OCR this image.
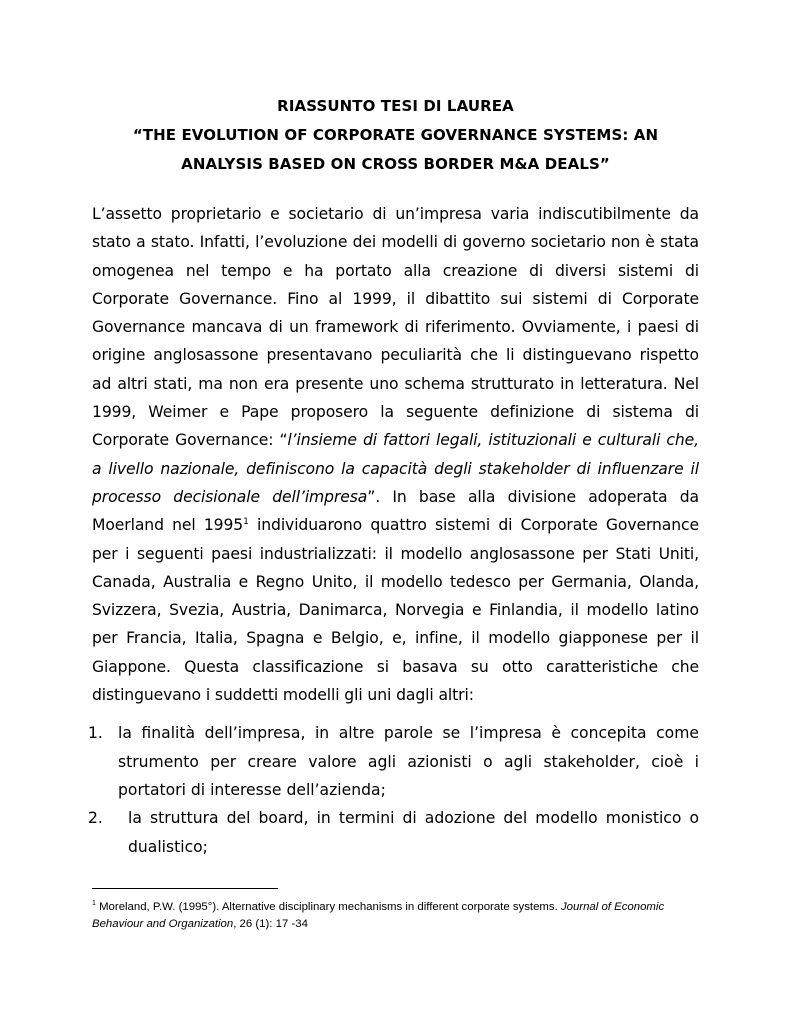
RIASSUNTO TESI DI LAUREA
“THE EVOLUTION OF CORPORATE GOVERNANCE SYSTEMS: AN
ANALYSIS BASED ON CROSS BORDER M&A DEALS”

L’assetto proprietario e societario di un’impresa varia indiscutibilmente da stato a stato. Infatti, l’evoluzione dei modelli di governo societario non è stata omogenea nel tempo e ha portato alla creazione di diversi sistemi di Corporate Governance. Fino al 1999, il dibattito sui sistemi di Corporate Governance mancava di un framework di riferimento. Ovviamente, i paesi di origine anglosassone presentavano peculiarità che li distinguevano rispetto ad altri stati, ma non era presente uno schema strutturato in letteratura. Nel 1999, Weimer e Pape proposero la seguente definizione di sistema di Corporate Governance: “l’insieme di fattori legali, istituzionali e culturali che, a livello nazionale, definiscono la capacità degli stakeholder di influenzare il processo decisionale dell’impresa”. In base alla divisione adoperata da Moerland nel 1995$^1$ individuarono quattro sistemi di Corporate Governance per i seguenti paesi industrializzati: il modello anglosassone per Stati Uniti, Canada, Australia e Regno Unito, il modello tedesco per Germania, Olanda, Svizzera, Svezia, Austria, Danimarca, Norvegia e Finlandia, il modello latino per Francia, Italia, Spagna e Belgio, e, infine, il modello giapponese per il Giappone. Questa classificazione si basava su otto caratteristiche che distinguevano i suddetti modelli gli uni dagli altri:

1. la finalità dell’impresa, in altre parole se l’impresa è concepita come strumento per creare valore agli azionisti o agli stakeholder, cioè i portatori di interesse dell’azienda;
2. la struttura del board, in termini di adozione del modello monistico o dualistico;
$^1$ Moreland, P.W. (1995°). Alternative disciplinary mechanisms in different corporate systems. Journal of Economic Behaviour and Organization, 26 (1): 17 -34
